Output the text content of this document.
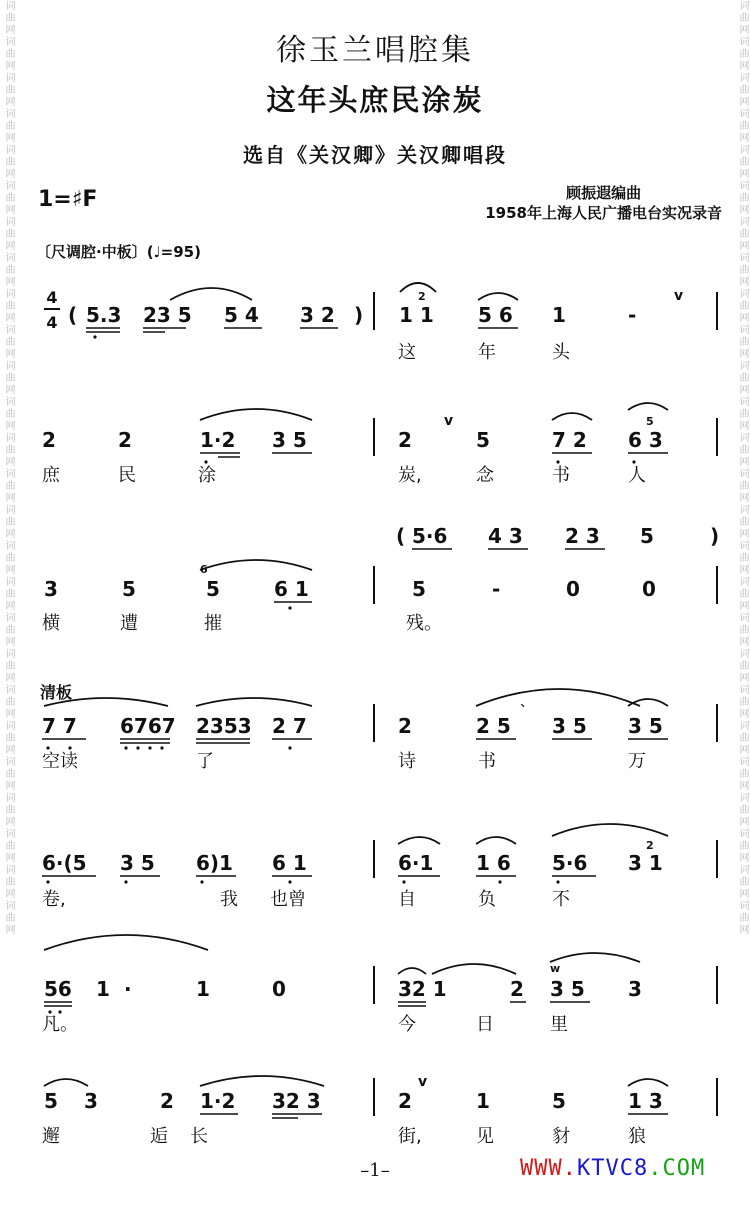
词曲网词曲网词曲网词曲网词曲网词曲网词曲网词曲网词曲网词曲网词曲网词曲网词曲网词曲网词曲网词曲网词曲网词曲网词曲网词曲网词曲网词曲网词曲网词曲网词曲网词曲网	词曲网词曲网词曲网词曲网词曲网词曲网词曲网词曲网词曲网词曲网词曲网词曲网词曲网词曲网词曲网词曲网词曲网词曲网词曲网词曲网词曲网词曲网词曲网词曲网词曲网词曲网
徐玉兰唱腔集
这年头庶民涂炭
选自《关汉卿》关汉卿唱段
1=♯F	顾振遐编曲
1958年上海人民广播电台实况录音
〔尺调腔·中板〕(♩=95)
清板
4
4 ( 5.3 23 5 5 4 3 2 ) 1 1 5 6 1	-
2	v
这	年	头
2	2	1·2 3 5	2	5	7 2 6 3
v	5
庶	民	涂	炭,	念	书	人
( 5·6 4 3 2 3 5	)
3	5	5	6 1	5	-	0	0
6
横	遭	摧	残。
7 7 6767 2353 2 7	2	2 5 3 5 3 5
ˋ
空读	了	诗	书	万
6·(5 3 5 6)1 6 1	6·1 1 6 5·6 3 1
2
卷,	我 也曾	自	负	不
56 1 ·	1	0	32 1	2 3 5 3
w
凡。	今	日	里
5 3	2 1·2 32 3	2	1	5	1 3
v
邂	逅 长	街,	见	豺	狼
–1–	WWW.KTVC8.COM
